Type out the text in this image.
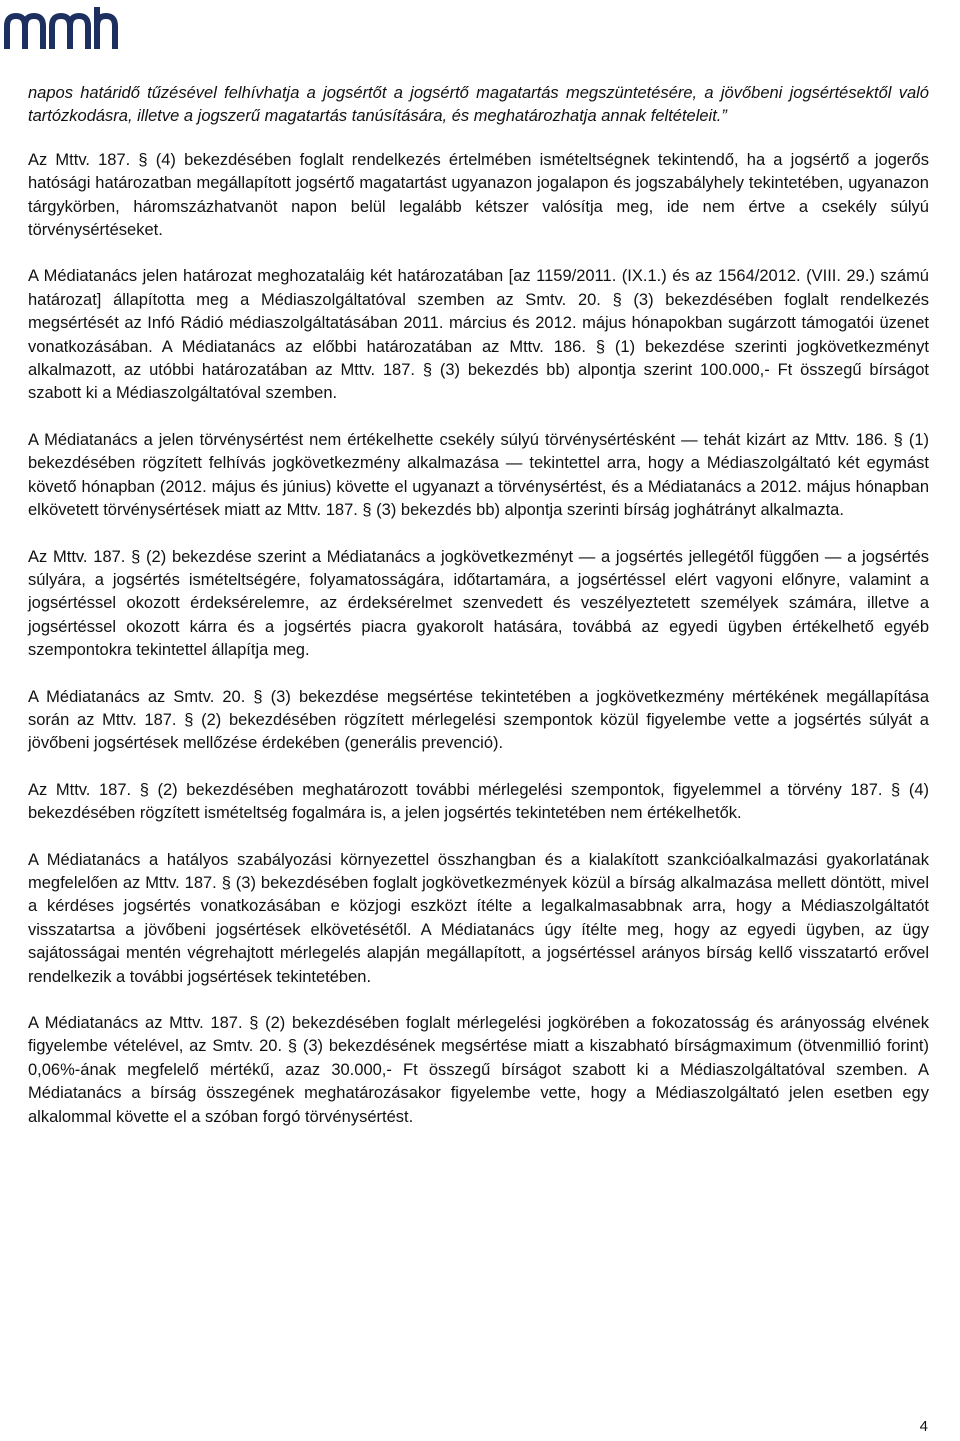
napos határidő tűzésével felhívhatja a jogsértőt a jogsértő magatartás megszüntetésére, a jövőbeni jogsértésektől való tartózkodásra, illetve a jogszerű magatartás tanúsítására, és meghatározhatja annak feltételeit.”

Az Mttv. 187. § (4) bekezdésében foglalt rendelkezés értelmében ismételtségnek tekintendő, ha a jogsértő a jogerős hatósági határozatban megállapított jogsértő magatartást ugyanazon jogalapon és jogszabályhely tekintetében, ugyanazon tárgykörben, háromszázhatvanöt napon belül legalább kétszer valósítja meg, ide nem értve a csekély súlyú törvénysértéseket.

A Médiatanács jelen határozat meghozataláig két határozatában [az 1159/2011. (IX.1.) és az 1564/2012. (VIII. 29.) számú határozat] állapította meg a Médiaszolgáltatóval szemben az Smtv. 20. § (3) bekezdésében foglalt rendelkezés megsértését az Infó Rádió médiaszolgáltatásában 2011. március és 2012. május hónapokban sugárzott támogatói üzenet vonatkozásában. A Médiatanács az előbbi határozatában az Mttv. 186. § (1) bekezdése szerinti jogkövetkezményt alkalmazott, az utóbbi határozatában az Mttv. 187. § (3) bekezdés bb) alpontja szerint 100.000,- Ft összegű bírságot szabott ki a Médiaszolgáltatóval szemben.

A Médiatanács a jelen törvénysértést nem értékelhette csekély súlyú törvénysértésként — tehát kizárt az Mttv. 186. § (1) bekezdésében rögzített felhívás jogkövetkezmény alkalmazása — tekintettel arra, hogy a Médiaszolgáltató két egymást követő hónapban (2012. május és június) követte el ugyanazt a törvénysértést, és a Médiatanács a 2012. május hónapban elkövetett törvénysértések miatt az Mttv. 187. § (3) bekezdés bb) alpontja szerinti bírság joghátrányt alkalmazta.

Az Mttv. 187. § (2) bekezdése szerint a Médiatanács a jogkövetkezményt — a jogsértés jellegétől függően — a jogsértés súlyára, a jogsértés ismételtségére, folyamatosságára, időtartamára, a jogsértéssel elért vagyoni előnyre, valamint a jogsértéssel okozott érdeksérelemre, az érdeksérelmet szenvedett és veszélyeztetett személyek számára, illetve a jogsértéssel okozott kárra és a jogsértés piacra gyakorolt hatására, továbbá az egyedi ügyben értékelhető egyéb szempontokra tekintettel állapítja meg.

A Médiatanács az Smtv. 20. § (3) bekezdése megsértése tekintetében a jogkövetkezmény mértékének megállapítása során az Mttv. 187. § (2) bekezdésében rögzített mérlegelési szempontok közül figyelembe vette a jogsértés súlyát a jövőbeni jogsértések mellőzése érdekében (generális prevenció).

Az Mttv. 187. § (2) bekezdésében meghatározott további mérlegelési szempontok, figyelemmel a törvény 187. § (4) bekezdésében rögzített ismételtség fogalmára is, a jelen jogsértés tekintetében nem értékelhetők.

A Médiatanács a hatályos szabályozási környezettel összhangban és a kialakított szankcióalkalmazási gyakorlatának megfelelően az Mttv. 187. § (3) bekezdésében foglalt jogkövetkezmények közül a bírság alkalmazása mellett döntött, mivel a kérdéses jogsértés vonatkozásában e közjogi eszközt ítélte a legalkalmasabbnak arra, hogy a Médiaszolgáltatót visszatartsa a jövőbeni jogsértések elkövetésétől. A Médiatanács úgy ítélte meg, hogy az egyedi ügyben, az ügy sajátosságai mentén végrehajtott mérlegelés alapján megállapított, a jogsértéssel arányos bírság kellő visszatartó erővel rendelkezik a további jogsértések tekintetében.

A Médiatanács az Mttv. 187. § (2) bekezdésében foglalt mérlegelési jogkörében a fokozatosság és arányosság elvének figyelembe vételével, az Smtv. 20. § (3) bekezdésének megsértése miatt a kiszabható bírságmaximum (ötvenmillió forint) 0,06%-ának megfelelő mértékű, azaz 30.000,- Ft összegű bírságot szabott ki a Médiaszolgáltatóval szemben. A Médiatanács a bírság összegének meghatározásakor figyelembe vette, hogy a Médiaszolgáltató jelen esetben egy alkalommal követte el a szóban forgó törvénysértést.

4
